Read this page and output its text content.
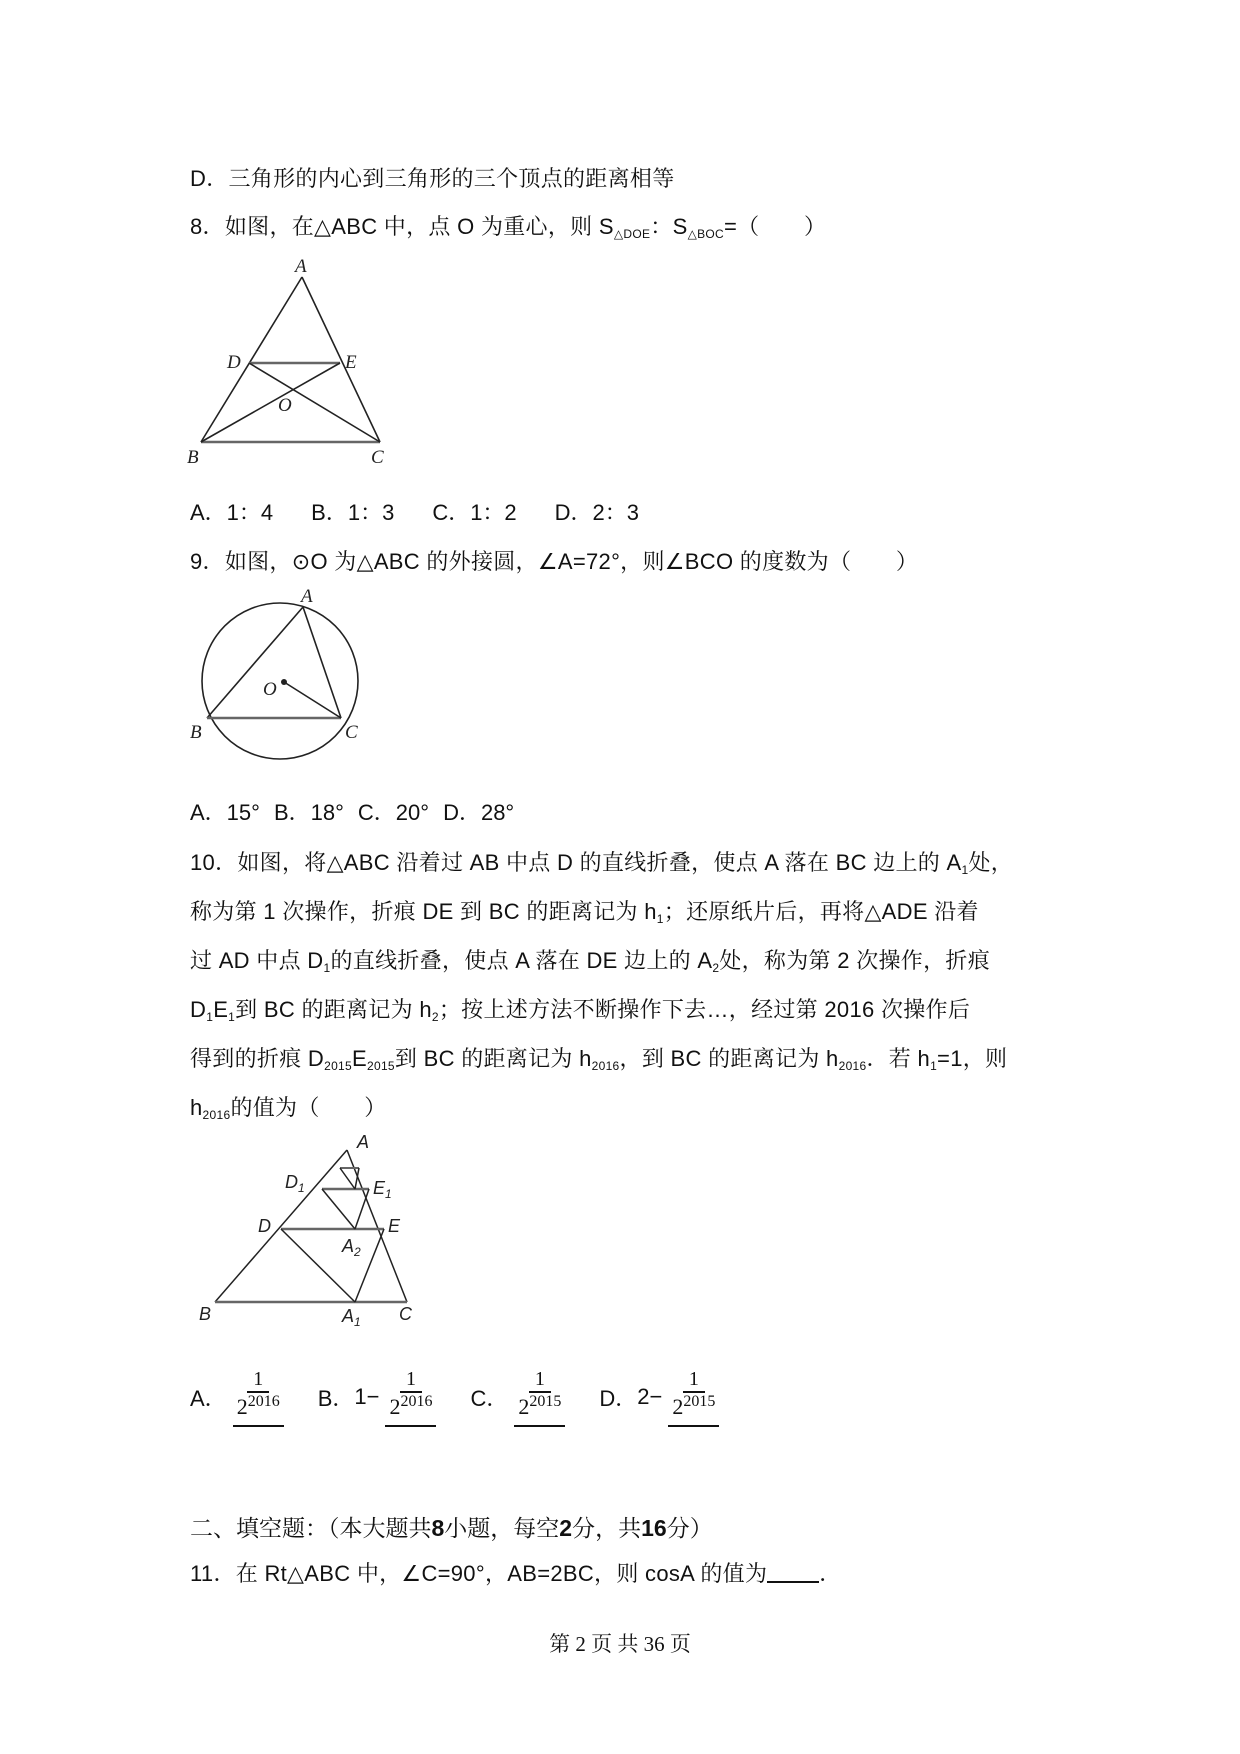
D．三角形的内心到三角形的三个顶点的距离相等
8．如图，在△ABC 中，点 O 为重心，则 $S_{\triangle DOE}$：$S_{\triangle BOC}=$（　　）
A
D	E
O
B	C
A．1：4 B．1：3 C．1：2 D．2：3
9．如图，⊙O 为△ABC 的外接圆，∠A=72°，则∠BCO 的度数为（　　）
A
O
B	C
A．15° B．18° C．20° D．28°
10．如图，将△ABC 沿着过 AB 中点 D 的直线折叠，使点 A 落在 BC 边上的 $A_1$处，
称为第 1 次操作，折痕 DE 到 BC 的距离记为 $h_1$；还原纸片后，再将△ADE 沿着
过 AD 中点 $D_1$的直线折叠，使点 A 落在 DE 边上的 $A_2$处，称为第 2 次操作，折痕
$D_1E_1$到 BC 的距离记为 $h_2$；按上述方法不断操作下去…，经过第 2016 次操作后
得到的折痕 $D_{2015}E_{2015}$到 BC 的距离记为 $h_{2016}$，到 BC 的距离记为 $h_{2016}$．若 $h_1=1$，则
$h_{2016}$的值为（　　）
A
$D_1$	$E_1$
D	E
$A_2$
B	$A_1$ C
A． $\frac{1}{2^{2016}}$ B． $1- \frac{1}{2^{2016}}$ C． $\frac{1}{2^{2015}}$ D． $2- \frac{1}{2^{2015}}$
二、填空题：（本大题共8小题，每空2分，共16分）
11．在 Rt△ABC 中，∠C=90°，AB=2BC，则 cosA 的值为 ．
第 2 页 共 36 页
